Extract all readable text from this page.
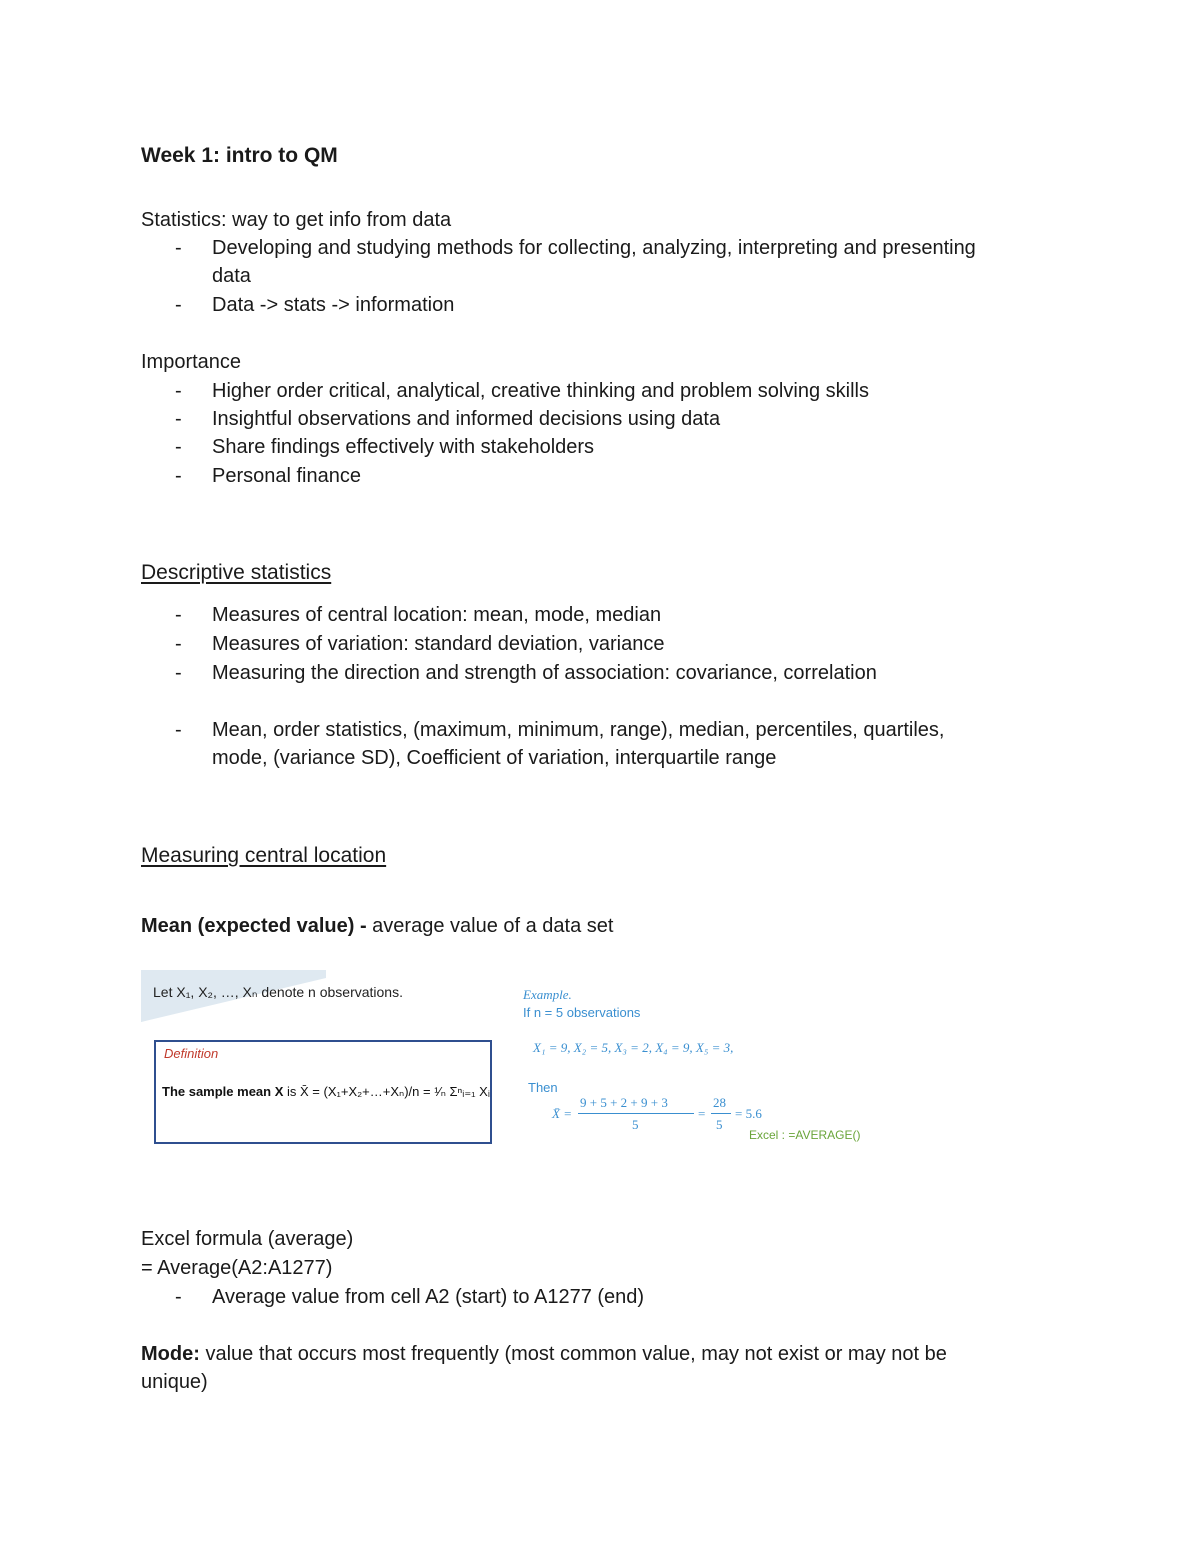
Week 1: intro to QM
Statistics: way to get info from data
- Developing and studying methods for collecting, analyzing, interpreting and presenting
data
- Data -> stats -> information
Importance
- Higher order critical, analytical, creative thinking and problem solving skills
- Insightful observations and informed decisions using data
- Share findings effectively with stakeholders
- Personal finance
Descriptive statistics
- Measures of central location: mean, mode, median
- Measures of variation: standard deviation, variance
- Measuring the direction and strength of association: covariance, correlation
- Mean, order statistics, (maximum, minimum, range), median, percentiles, quartiles,
mode, (variance SD), Coefficient of variation, interquartile range
Measuring central location
Mean (expected value) - average value of a data set
Let X₁, X₂, …, Xₙ denote n observations.
Definition
The sample mean X is X̄ = (X₁+X₂+…+Xₙ)/n = ¹⁄ₙ Σⁿᵢ₌₁ Xᵢ
Example.
If n = 5 observations
X₁ = 9, X₂ = 5, X₃ = 2, X₄ = 9, X₅ = 3,
Then
X̄ =
9 + 5 + 2 + 9 + 3
5
=
28
5
= 5.6
Excel : =AVERAGE()
Excel formula (average)
= Average(A2:A1277)
- Average value from cell A2 (start) to A1277 (end)
Mode: value that occurs most frequently (most common value, may not exist or may not be
unique)
